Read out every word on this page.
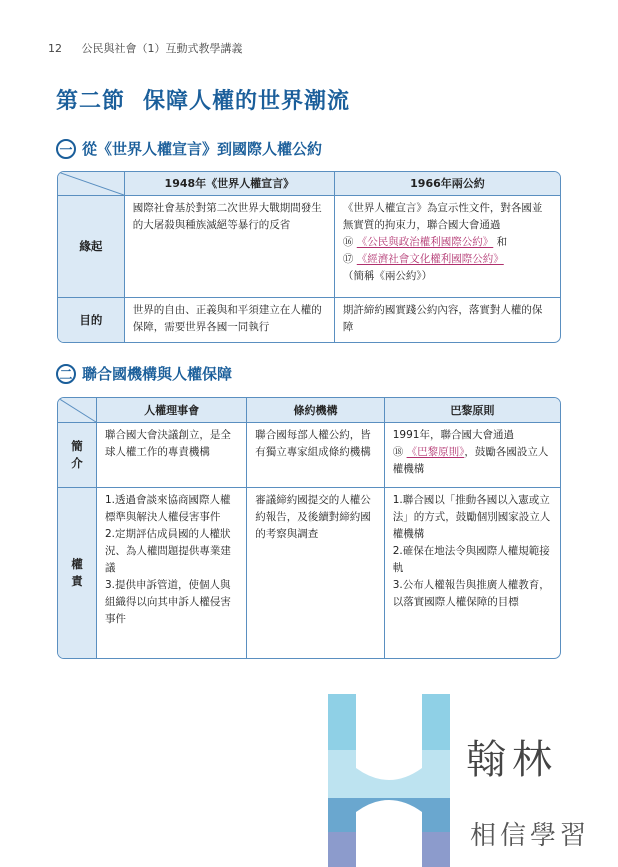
12 公民與社會（1）互動式教學講義
第二節 保障人權的世界潮流
一 從《世界人權宣言》到國際人權公約
	1948年《世界人權宣言》	1966年兩公約
緣起	國際社會基於對第二次世界大戰期間發生的大屠殺與種族滅絕等暴行的反省	《世界人權宣言》為宣示性文件，對各國並無實質的拘束力，聯合國大會通過
⑯ 《公民與政治權利國際公約》 和
⑰ 《經濟社會文化權利國際公約》
（簡稱《兩公約》）
目的	世界的自由、正義與和平須建立在人權的保障，需要世界各國一同執行	期許締約國實踐公約內容，落實對人權的保障
二 聯合國機構與人權保障
	人權理事會	條約機構	巴黎原則
簡介	聯合國大會決議創立，是全球人權工作的專責機構	聯合國每部人權公約，皆有獨立專家組成條約機構	1991年，聯合國大會通過
⑱ 《巴黎原則》，鼓勵各國設立人權機構
權責	1.透過會談來協商國際人權標準與解決人權侵害事件
2.定期評估成員國的人權狀況、為人權問題提供專業建議
3.提供申訴管道，使個人與組織得以向其申訴人權侵害事件	審議締約國提交的人權公約報告，及後續對締約國的考察與調查	1.聯合國以「推動各國以入憲或立法」的方式，鼓勵個別國家設立人權機構
2.確保在地法令與國際人權規範接軌
3.公布人權報告與推廣人權教育，以落實國際人權保障的目標
翰林
相信學習
